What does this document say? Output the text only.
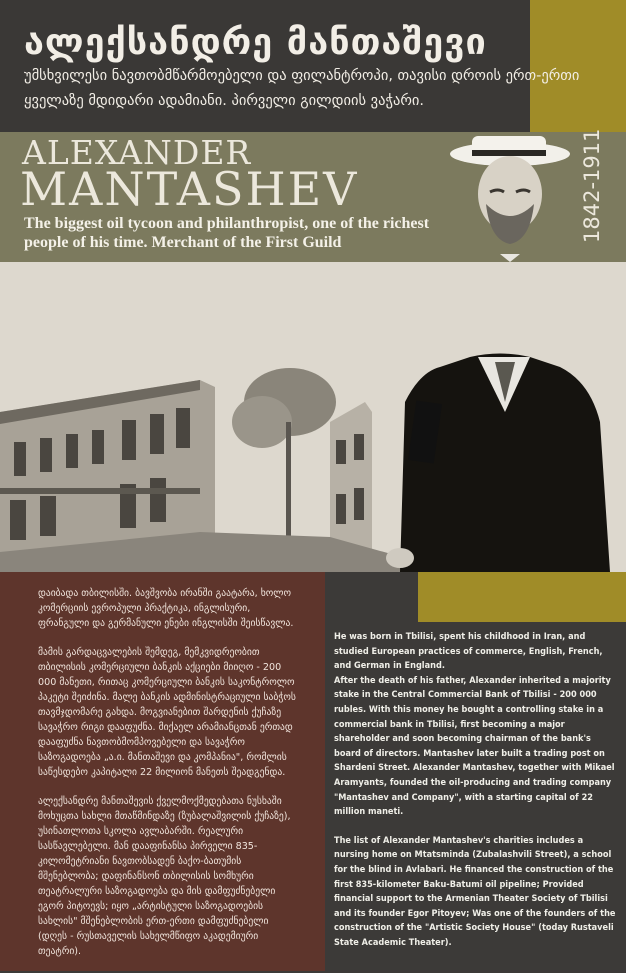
ალექსანდრე მანთაშევი

უმსხვილესი ნავთობმწარმოებელი და ფილანტროპი, თავისი დროის ერთ-ერთი ყველაზე მდიდარი ადამიანი. პირველი გილდიის ვაჭარი.

ALEXANDER
MANTASHEV
The biggest oil tycoon and philanthropist, one of the richest people of his time. Merchant of the First Guild	1842-1911

დაიბადა თბილისში. ბავშვობა ირანში გაატარა, ხოლო კომერციის ევროპული პრაქტიკა, ინგლისური, ფრანგული და გერმანული ენები ინგლისში შეისწავლა.

მამის გარდაცვალების შემდეგ, მემკვიდრეობით თბილისის კომერციული ბანკის აქციები მიიღო - 200 000 მანეთი, რითაც კომერციული ბანკის საკონტროლო პაკეტი შეიძინა. მალე ბანკის ადმინისტრაციული საბჭოს თავმჯდომარე გახდა. მოგვიანებით შარდენის ქუჩაზე სავაჭრო რიგი დააფუძნა. მიქაელ არამიანცთან ერთად დააფუძნა ნავთობმომპოვებელი და სავაჭრო საზოგადოება „ა.ი. მანთაშევი და კომპანია", რომლის საწესდებო კაპიტალი 22 მილიონ მანეთს შეადგენდა.

ალექსანდრე მანთაშევის ქველმოქმედებათა ნუსხაში მოხუცთა სახლი მთაწმინდაზე (ზუბალაშვილის ქუჩაზე), უსინათლოთა სკოლა ავლაბარში. რეალური სასწავლებელი. მან დააფინანსა პირველი 835-კილომეტრიანი ნავთობსადენ ბაქო-ბათუმის მშენებლობა; დაფინანსონ თბილისის სომხური თეატრალური საზოგადოება და მის დამფუძნებელი ეგორ პიტოევს; იყო „არტისტული საზოგადოების სახლის" მშენებლობის ერთ-ერთი დამფუძნებელი (დღეს - რუსთაველის სახელმწიფო აკადემიური თეატრი).

He was born in Tbilisi, spent his childhood in Iran, and studied European practices of commerce, English, French, and German in England.
After the death of his father, Alexander inherited a majority stake in the Central Commercial Bank of Tbilisi - 200 000 rubles. With this money he bought a controlling stake in a commercial bank in Tbilisi, first becoming a major shareholder and soon becoming chairman of the bank's board of directors. Mantashev later built a trading post on Shardeni Street. Alexander Mantashev, together with Mikael Aramyants, founded the oil-producing and trading company "Mantashev and Company", with a starting capital of 22 million maneti.

The list of Alexander Mantashev's charities includes a nursing home on Mtatsminda (Zubalashvili Street), a school for the blind in Avlabari. He financed the construction of the first 835-kilometer Baku-Batumi oil pipeline; Provided financial support to the Armenian Theater Society of Tbilisi and its founder Egor Pitoyev; Was one of the founders of the construction of the "Artistic Society House" (today Rustaveli State Academic Theater).
